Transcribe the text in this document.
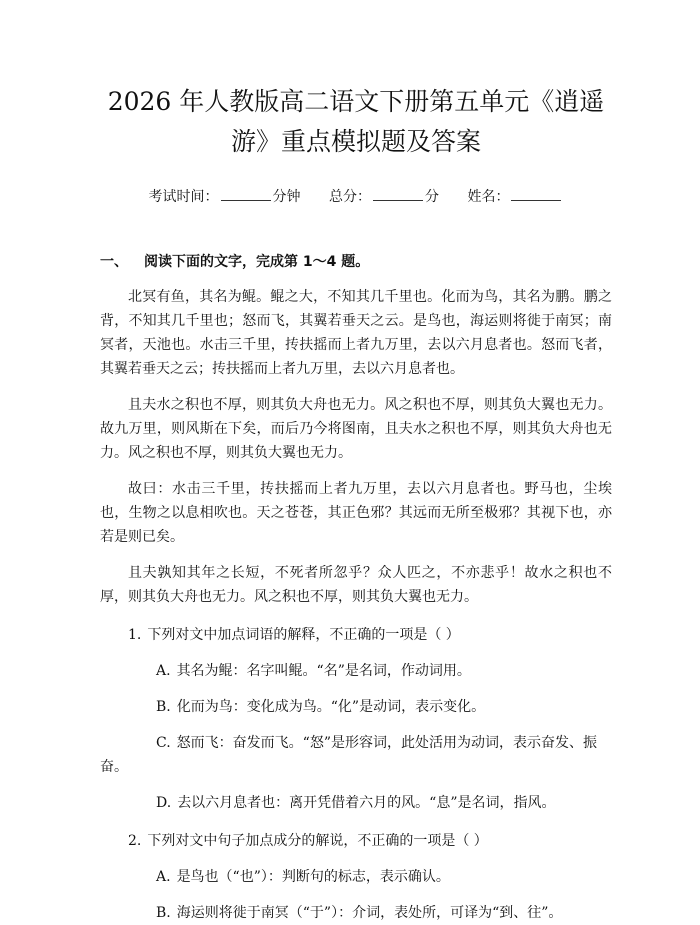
2026 年人教版高二语文下册第五单元《逍遥
游》重点模拟题及答案
考试时间：	分钟 总分：	分 姓名：
一、 阅读下面的文字，完成第 1～4 题。

北冥有鱼，其名为鲲。鲲之大，不知其几千里也。化而为鸟，其名为鹏。鹏之背，不知其几千里也；怒而飞，其翼若垂天之云。是鸟也，海运则将徙于南冥；南冥者，天池也。水击三千里，抟扶摇而上者九万里，去以六月息者也。怒而飞者，其翼若垂天之云；抟扶摇而上者九万里，去以六月息者也。

且夫水之积也不厚，则其负大舟也无力。风之积也不厚，则其负大翼也无力。故九万里，则风斯在下矣，而后乃今将图南，且夫水之积也不厚，则其负大舟也无力。风之积也不厚，则其负大翼也无力。

故曰：水击三千里，抟扶摇而上者九万里，去以六月息者也。野马也，尘埃也，生物之以息相吹也。天之苍苍，其正色邪？其远而无所至极邪？其视下也，亦若是则已矣。

且夫孰知其年之长短，不死者所忽乎？众人匹之，不亦悲乎！故水之积也不厚，则其负大舟也无力。风之积也不厚，则其负大翼也无力。

1. 下列对文中加点词语的解释，不正确的一项是（ ）
A. 其名为鲲：名字叫鲲。“名”是名词，作动词用。
B. 化而为鸟：变化成为鸟。“化”是动词，表示变化。
C. 怒而飞：奋发而飞。“怒”是形容词，此处活用为动词，表示奋发、振奋。
D. 去以六月息者也：离开凭借着六月的风。“息”是名词，指风。
2. 下列对文中句子加点成分的解说，不正确的一项是（ ）
A. 是鸟也（“也”）：判断句的标志，表示确认。
B. 海运则将徙于南冥（“于”）：介词，表处所，可译为“到、往”。
